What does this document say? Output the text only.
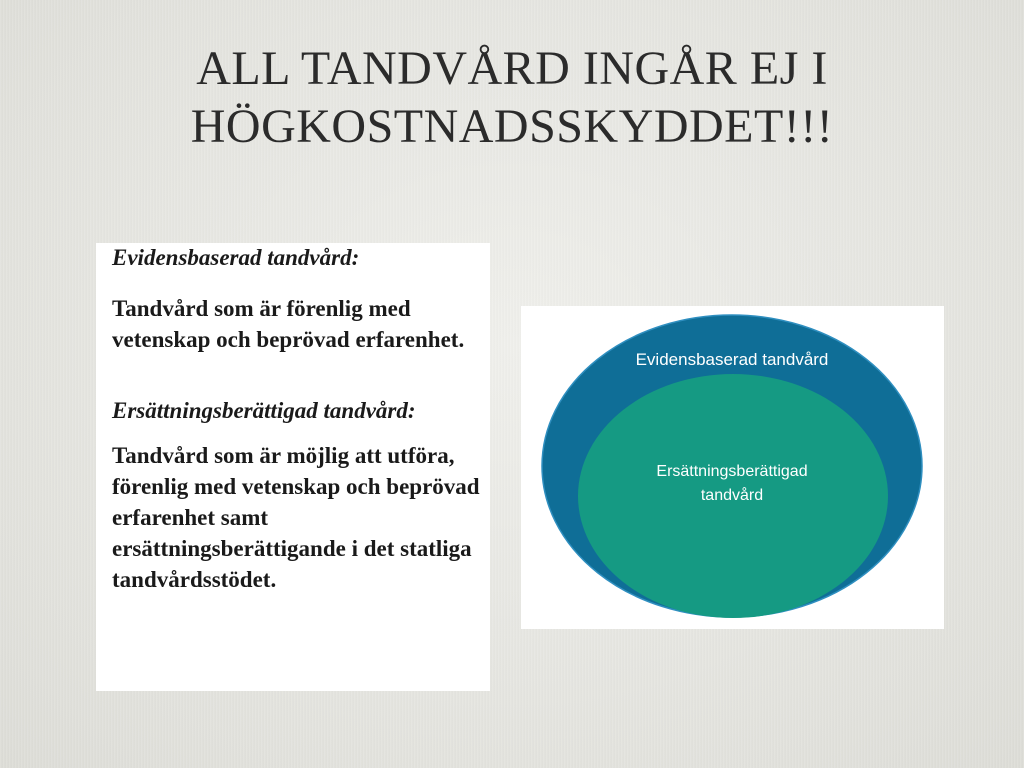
ALL TANDVÅRD INGÅR EJ I
HÖGKOSTNADSSKYDDET!!!

Evidensbaserad tandvård:

Tandvård som är förenlig med vetenskap och beprövad erfarenhet.

Ersättningsberättigad tandvård:

Tandvård som är möjlig att utföra, förenlig med vetenskap och beprövad erfarenhet samt ersättningsberättigande i det statliga tandvårdsstödet.

Evidensbaserad tandvård
Ersättningsberättigad
tandvård
